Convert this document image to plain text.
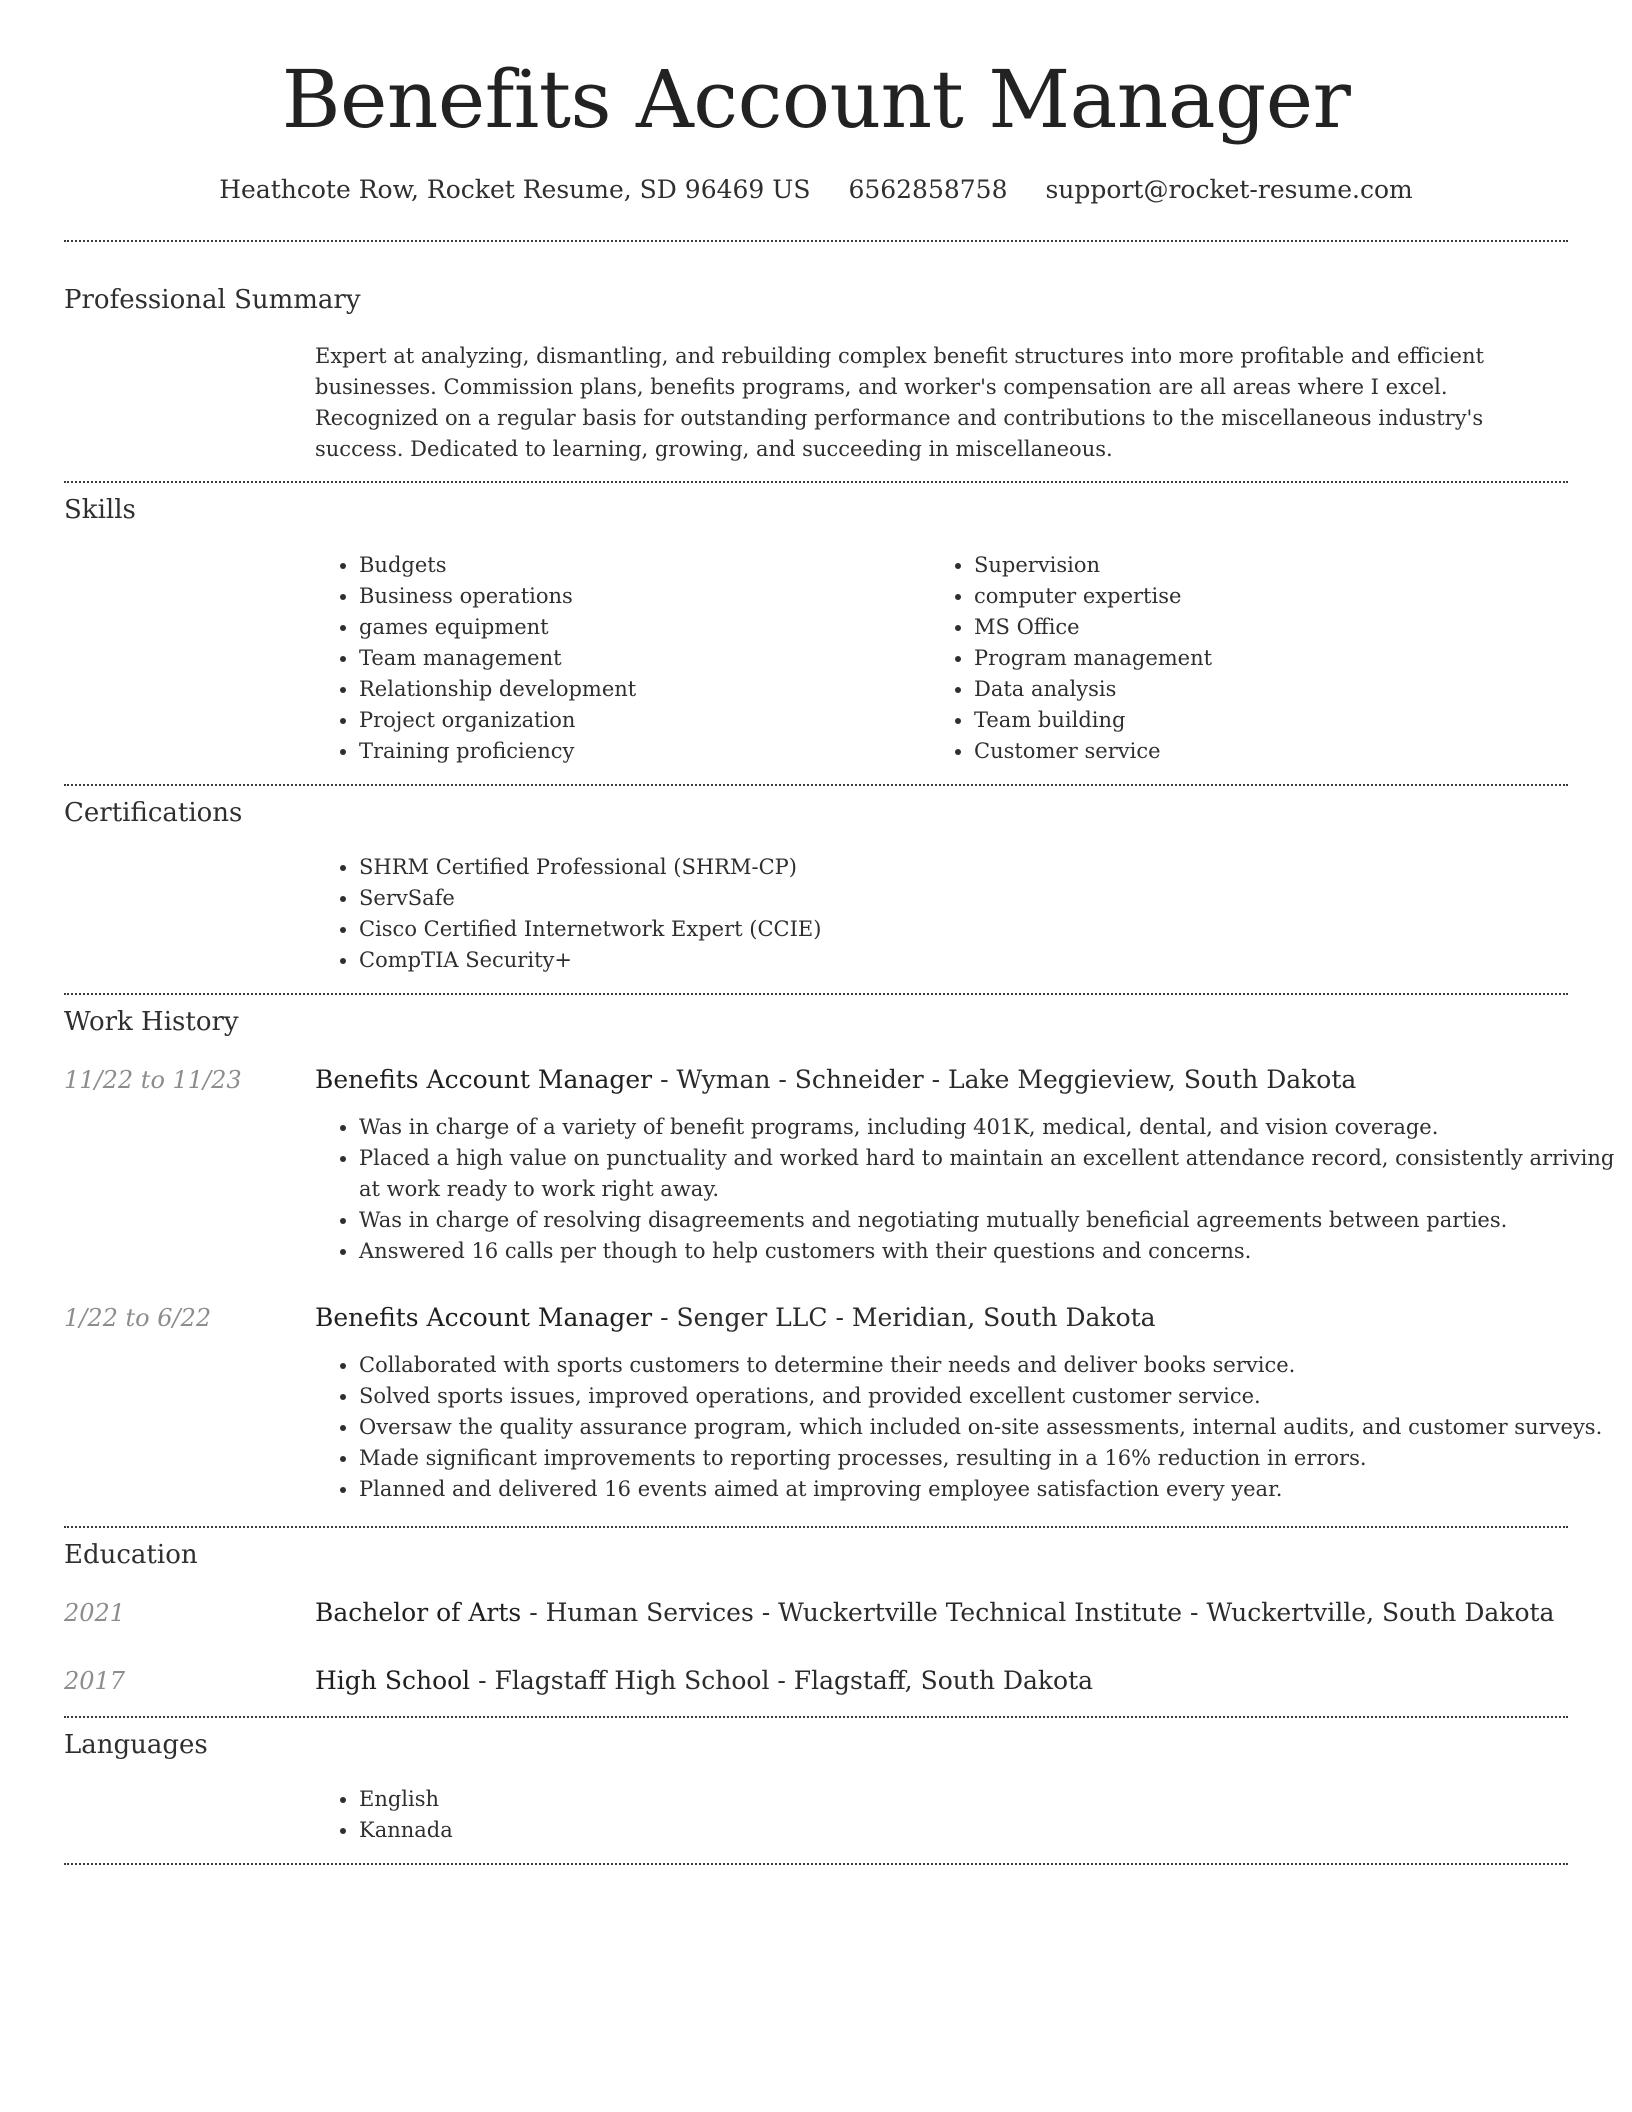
Benefits Account Manager
Heathcote Row, Rocket Resume, SD 96469 US 6562858758 support@rocket-resume.com
Professional Summary
Expert at analyzing, dismantling, and rebuilding complex benefit structures into more profitable and efficient businesses. Commission plans, benefits programs, and worker's compensation are all areas where I excel. Recognized on a regular basis for outstanding performance and contributions to the miscellaneous industry's success. Dedicated to learning, growing, and succeeding in miscellaneous.
Skills
• Budgets
• Business operations
• games equipment
• Team management
• Relationship development
• Project organization
• Training proficiency
• Supervision
• computer expertise
• MS Office
• Program management
• Data analysis
• Team building
• Customer service
Certifications
• SHRM Certified Professional (SHRM-CP)
• ServSafe
• Cisco Certified Internetwork Expert (CCIE)
• CompTIA Security+
Work History
11/22 to 11/23	Benefits Account Manager - Wyman - Schneider - Lake Meggieview, South Dakota
• Was in charge of a variety of benefit programs, including 401K, medical, dental, and vision coverage.
• Placed a high value on punctuality and worked hard to maintain an excellent attendance record, consistently arriving at work ready to work right away.
• Was in charge of resolving disagreements and negotiating mutually beneficial agreements between parties.
• Answered 16 calls per though to help customers with their questions and concerns.
1/22 to 6/22	Benefits Account Manager - Senger LLC - Meridian, South Dakota
• Collaborated with sports customers to determine their needs and deliver books service.
• Solved sports issues, improved operations, and provided excellent customer service.
• Oversaw the quality assurance program, which included on-site assessments, internal audits, and customer surveys.
• Made significant improvements to reporting processes, resulting in a 16% reduction in errors.
• Planned and delivered 16 events aimed at improving employee satisfaction every year.
Education
2021	Bachelor of Arts - Human Services - Wuckertville Technical Institute - Wuckertville, South Dakota
2017	High School - Flagstaff High School - Flagstaff, South Dakota
Languages
• English
• Kannada
